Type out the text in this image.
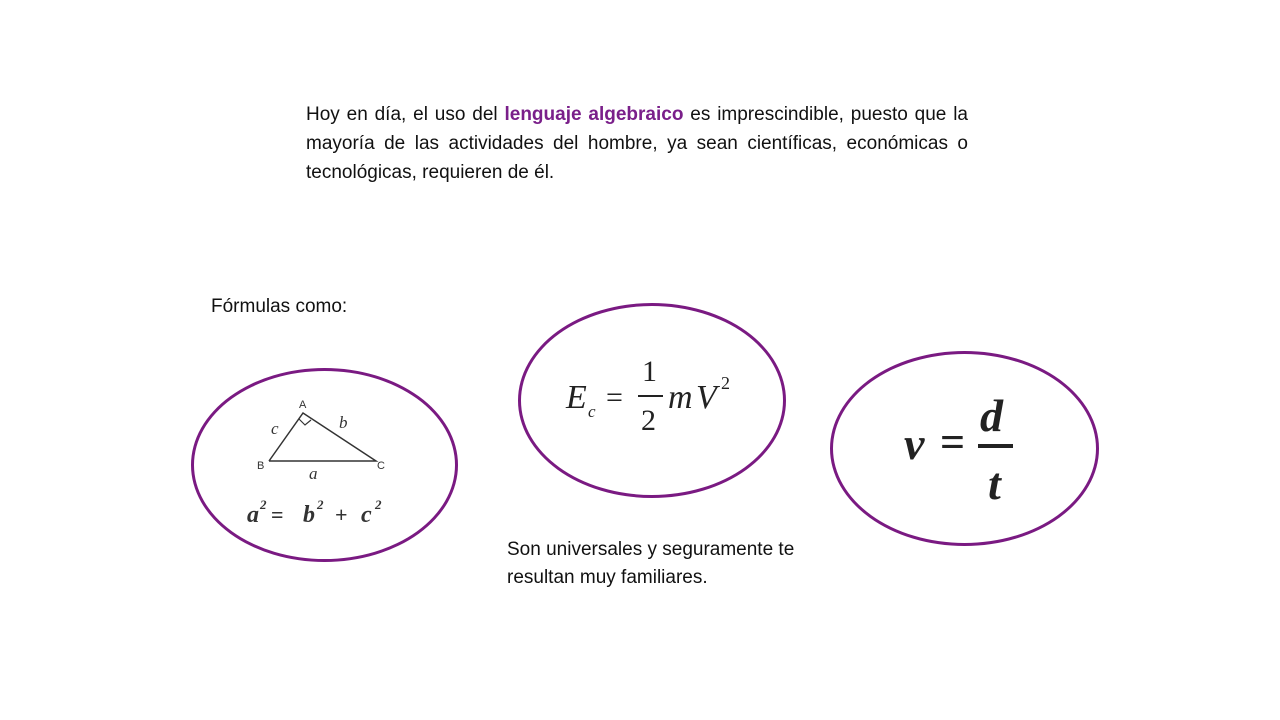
Hoy en día, el uso del lenguaje algebraico es imprescindible, puesto que la mayoría de las actividades del hombre, ya sean científicas, económicas o tecnológicas, requieren de él.

Fórmulas como:
A
B	C
c	b
a
a 2 = b 2 + c 2
E c =
1
2
m V 2
v =
d
t
Son universales y seguramente te resultan muy familiares.
